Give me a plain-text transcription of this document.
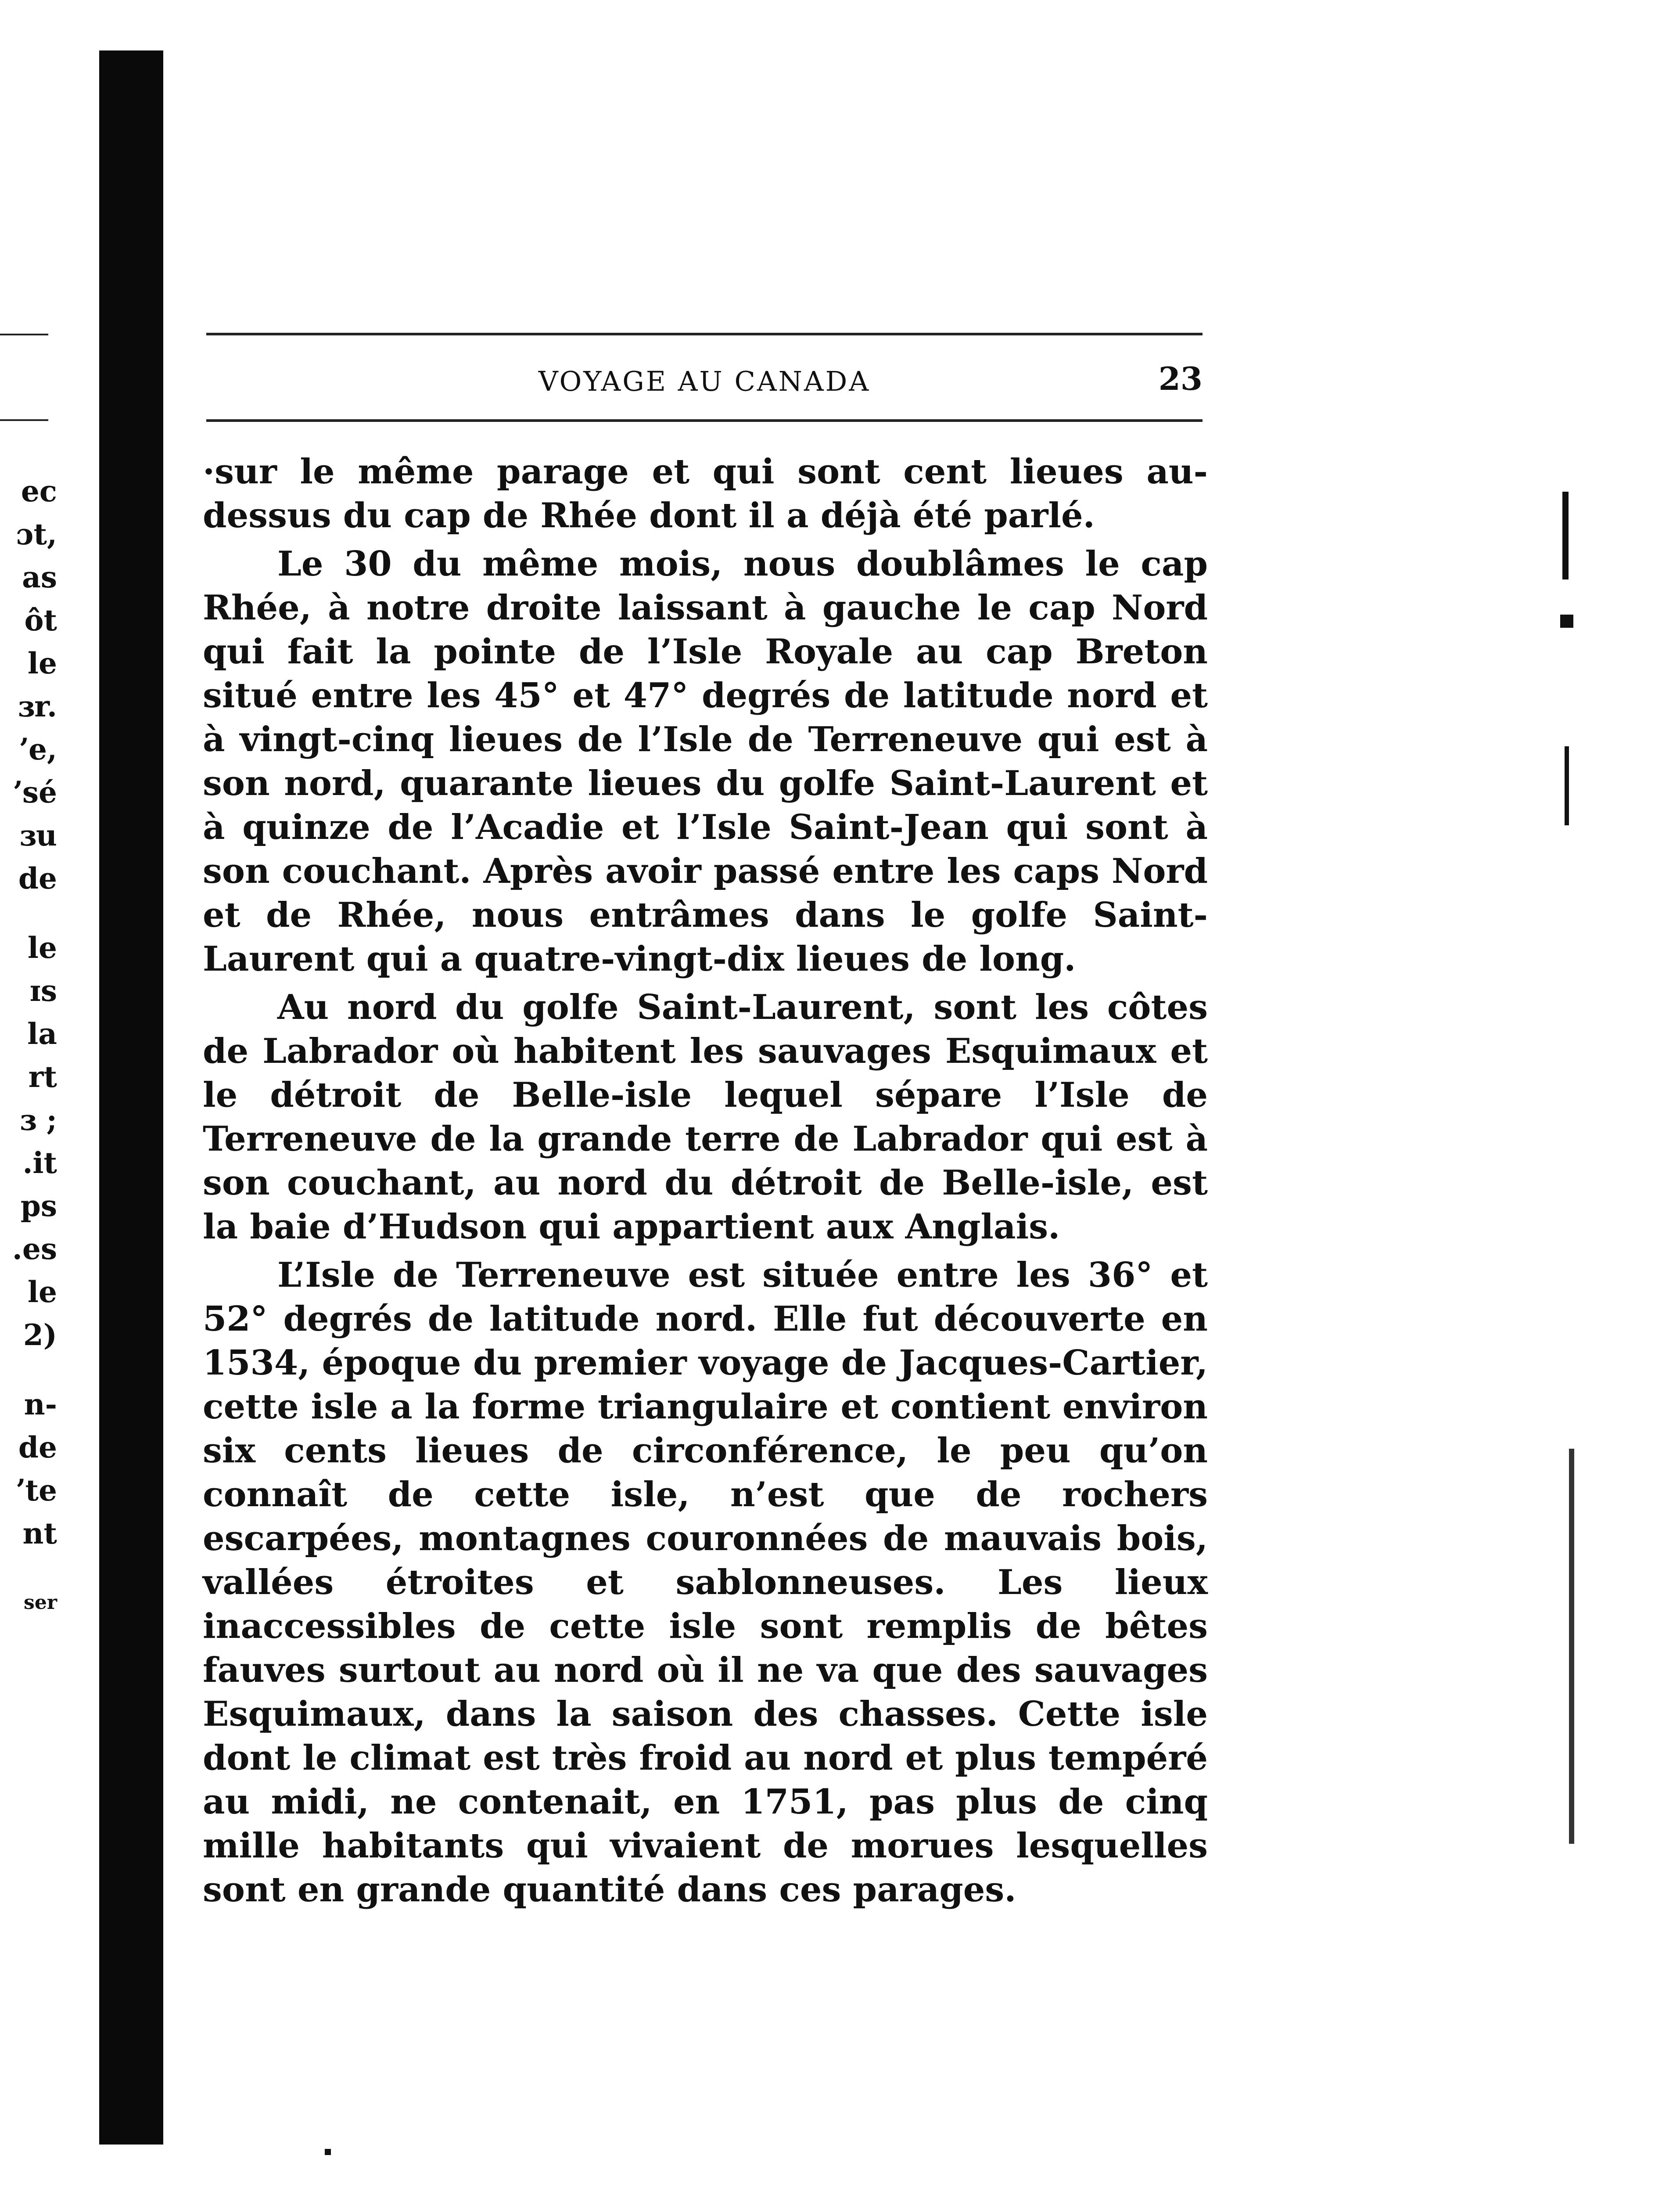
ec
ɔt,
as
ôt
le
ɜr.
ʼe,
ʼsé
ɜu
de
le
ɪs
la
rt
ɜ ;
.it
ps
.es
le
2)
n-
de
ʼte
nt
ser
VOYAGE AU CANADA	23

·sur le même parage et qui sont cent lieues au-dessus du cap de Rhée dont il a déjà été parlé.

Le 30 du même mois, nous doublâmes le cap Rhée, à notre droite laissant à gauche le cap Nord qui fait la pointe de l’Isle Royale au cap Breton situé entre les 45° et 47° degrés de latitude nord et à vingt-cinq lieues de l’Isle de Terreneuve qui est à son nord, quarante lieues du golfe Saint-Laurent et à quinze de l’Acadie et l’Isle Saint-Jean qui sont à son couchant. Après avoir passé entre les caps Nord et de Rhée, nous entrâmes dans le golfe Saint-Laurent qui a quatre-vingt-dix lieues de long.

Au nord du golfe Saint-Laurent, sont les côtes de Labrador où habitent les sauvages Esquimaux et le détroit de Belle-isle lequel sépare l’Isle de Terreneuve de la grande terre de Labrador qui est à son couchant, au nord du détroit de Belle-isle, est la baie d’Hudson qui appartient aux Anglais.

L’Isle de Terreneuve est située entre les 36° et 52° degrés de latitude nord. Elle fut découverte en 1534, époque du premier voyage de Jacques-Cartier, cette isle a la forme triangulaire et contient environ six cents lieues de circonférence, le peu qu’on connaît de cette isle, n’est que de rochers escarpées, montagnes couronnées de mauvais bois, vallées étroites et sablonneuses. Les lieux inaccessibles de cette isle sont remplis de bêtes fauves surtout au nord où il ne va que des sauvages Esquimaux, dans la saison des chasses. Cette isle dont le climat est très froid au nord et plus tempéré au midi, ne contenait, en 1751, pas plus de cinq mille habitants qui vivaient de morues lesquelles sont en grande quantité dans ces parages.
